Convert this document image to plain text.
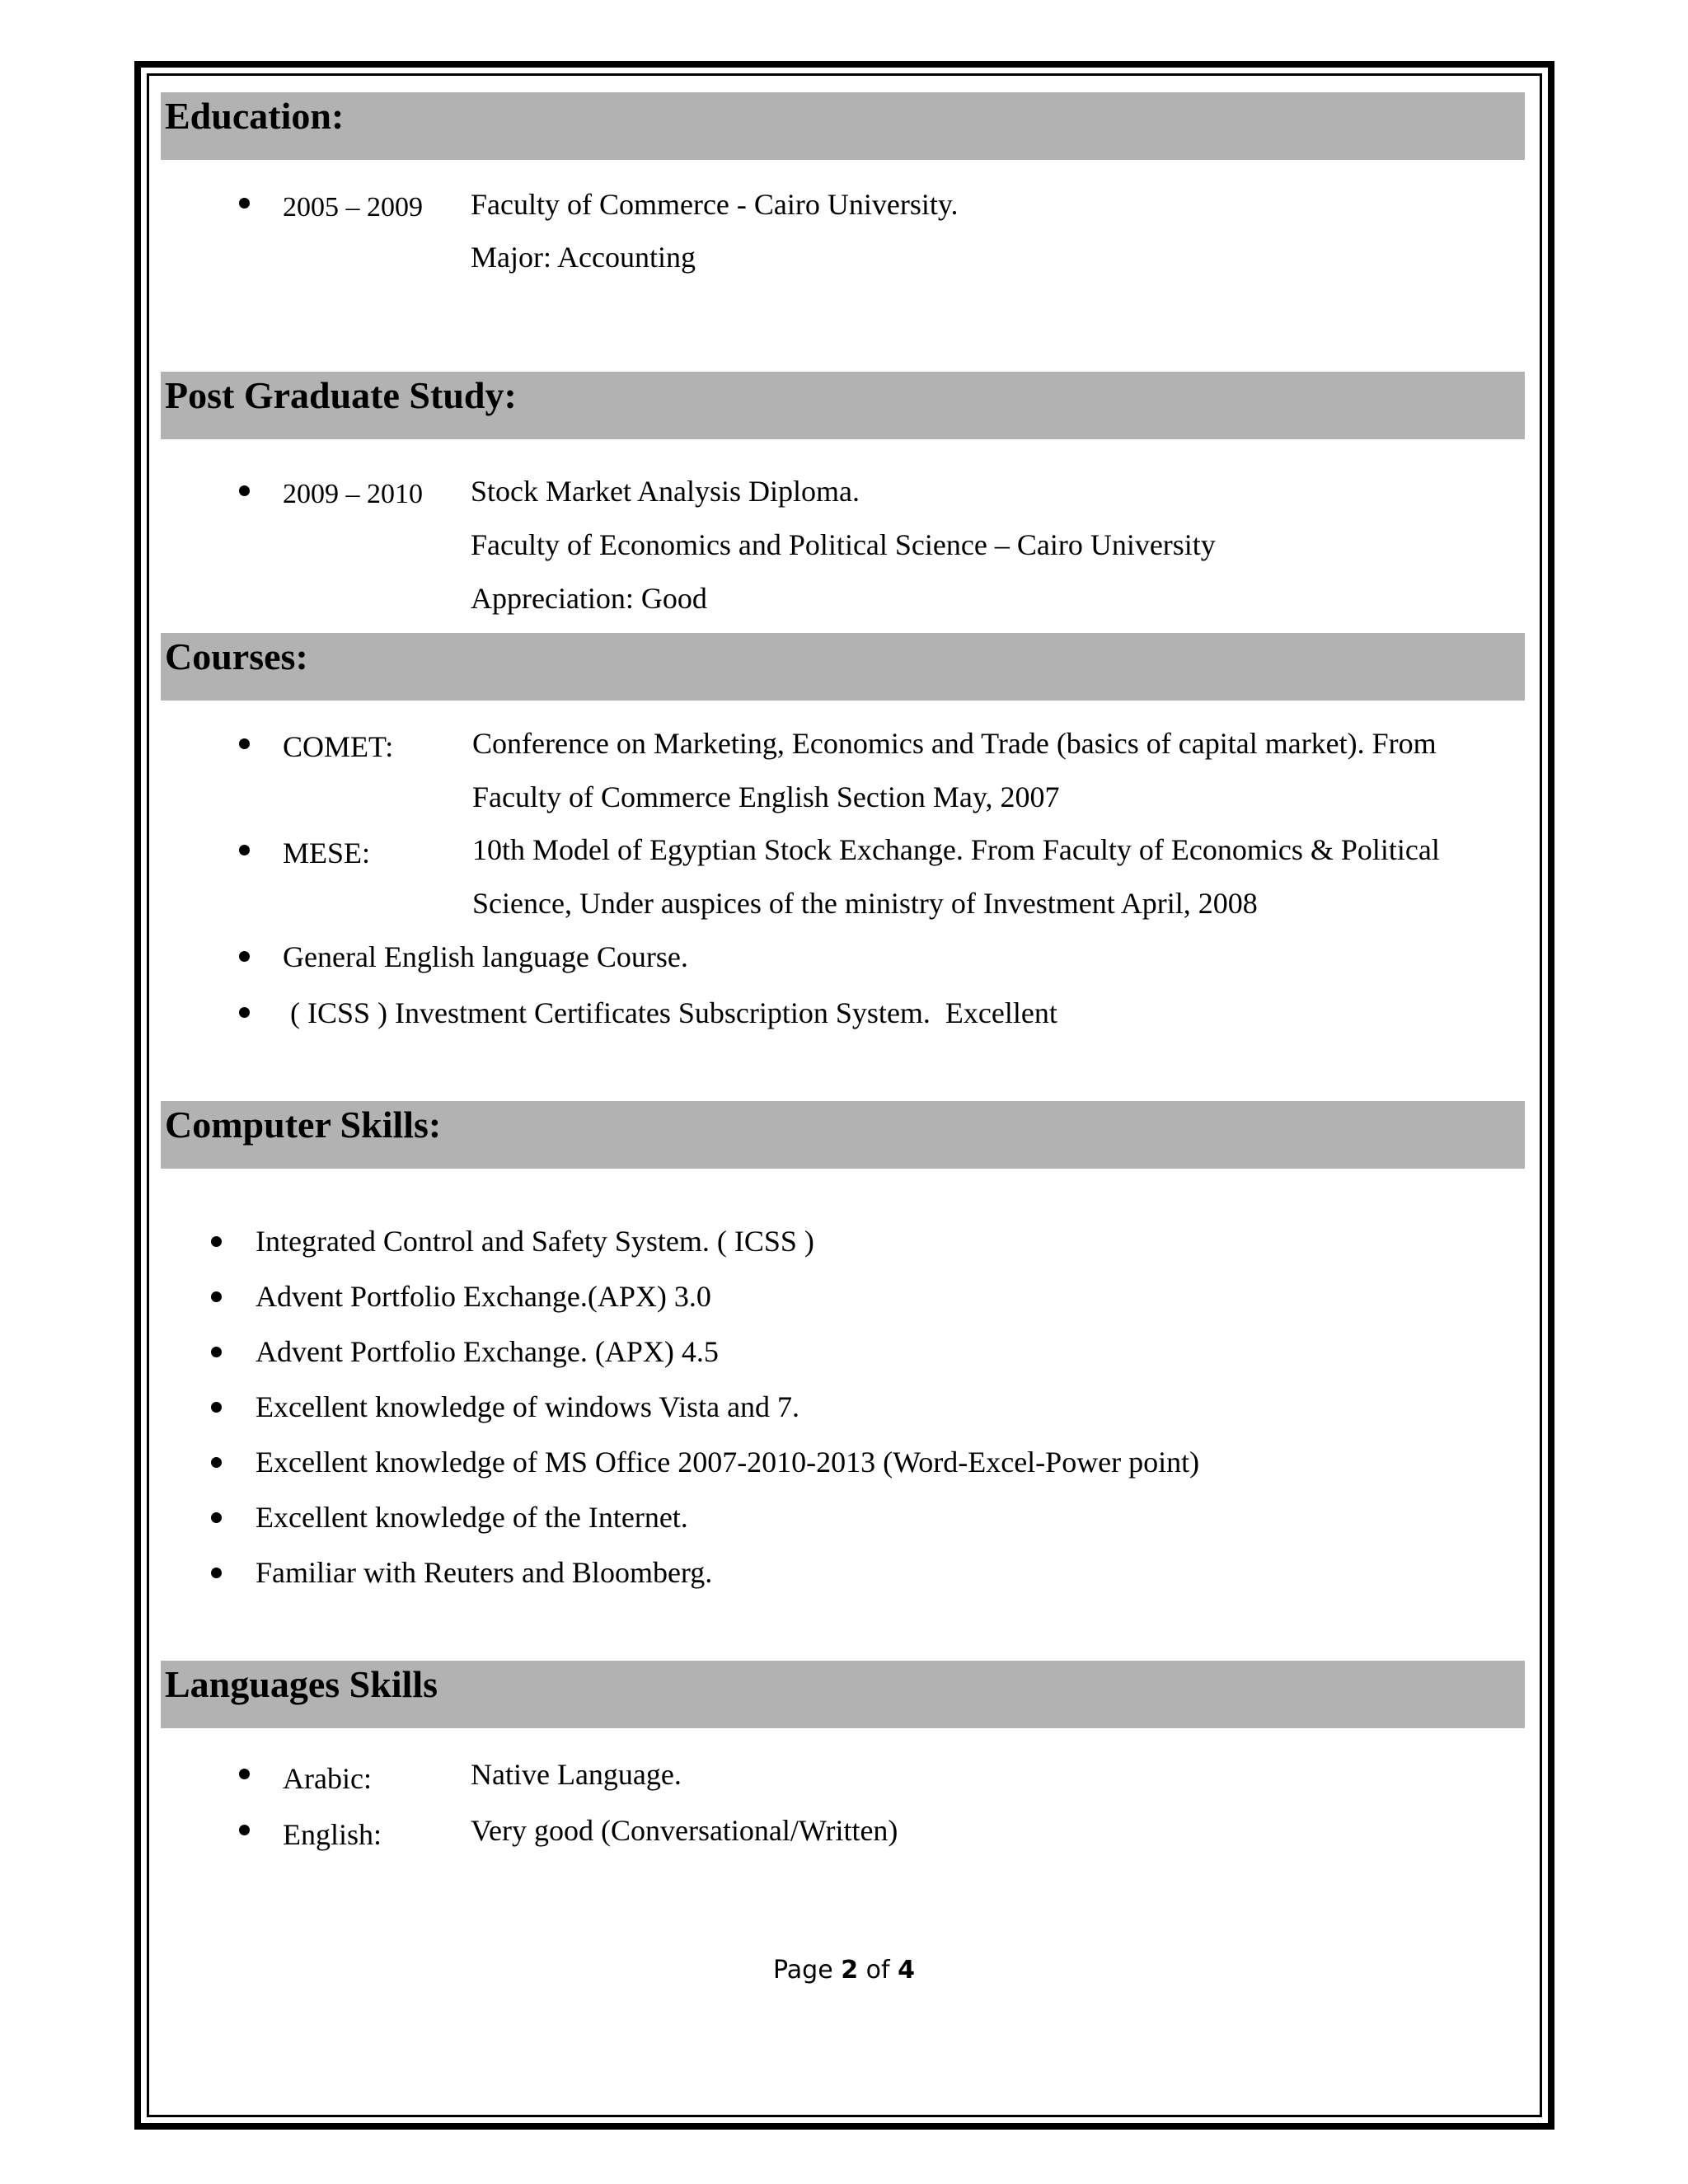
Education:
2005 – 2009 Faculty of Commerce - Cairo University.
Major: Accounting
Post Graduate Study:
2009 – 2010 Stock Market Analysis Diploma.
Faculty of Economics and Political Science – Cairo University
Appreciation: Good
Courses:
COMET:	Conference on Marketing, Economics and Trade (basics of capital market). From
Faculty of Commerce English Section May, 2007
MESE:	10th Model of Egyptian Stock Exchange. From Faculty of Economics & Political
Science, Under auspices of the ministry of Investment April, 2008
General English language Course.
( ICSS ) Investment Certificates Subscription System.  Excellent
Computer Skills:
Integrated Control and Safety System. ( ICSS )
Advent Portfolio Exchange.(APX) 3.0
Advent Portfolio Exchange. (APX) 4.5
Excellent knowledge of windows Vista and 7.
Excellent knowledge of MS Office 2007-2010-2013 (Word-Excel-Power point)
Excellent knowledge of the Internet.
Familiar with Reuters and Bloomberg.
Languages Skills
Arabic:	Native Language.
English:	Very good (Conversational/Written)
Page 2 of 4
